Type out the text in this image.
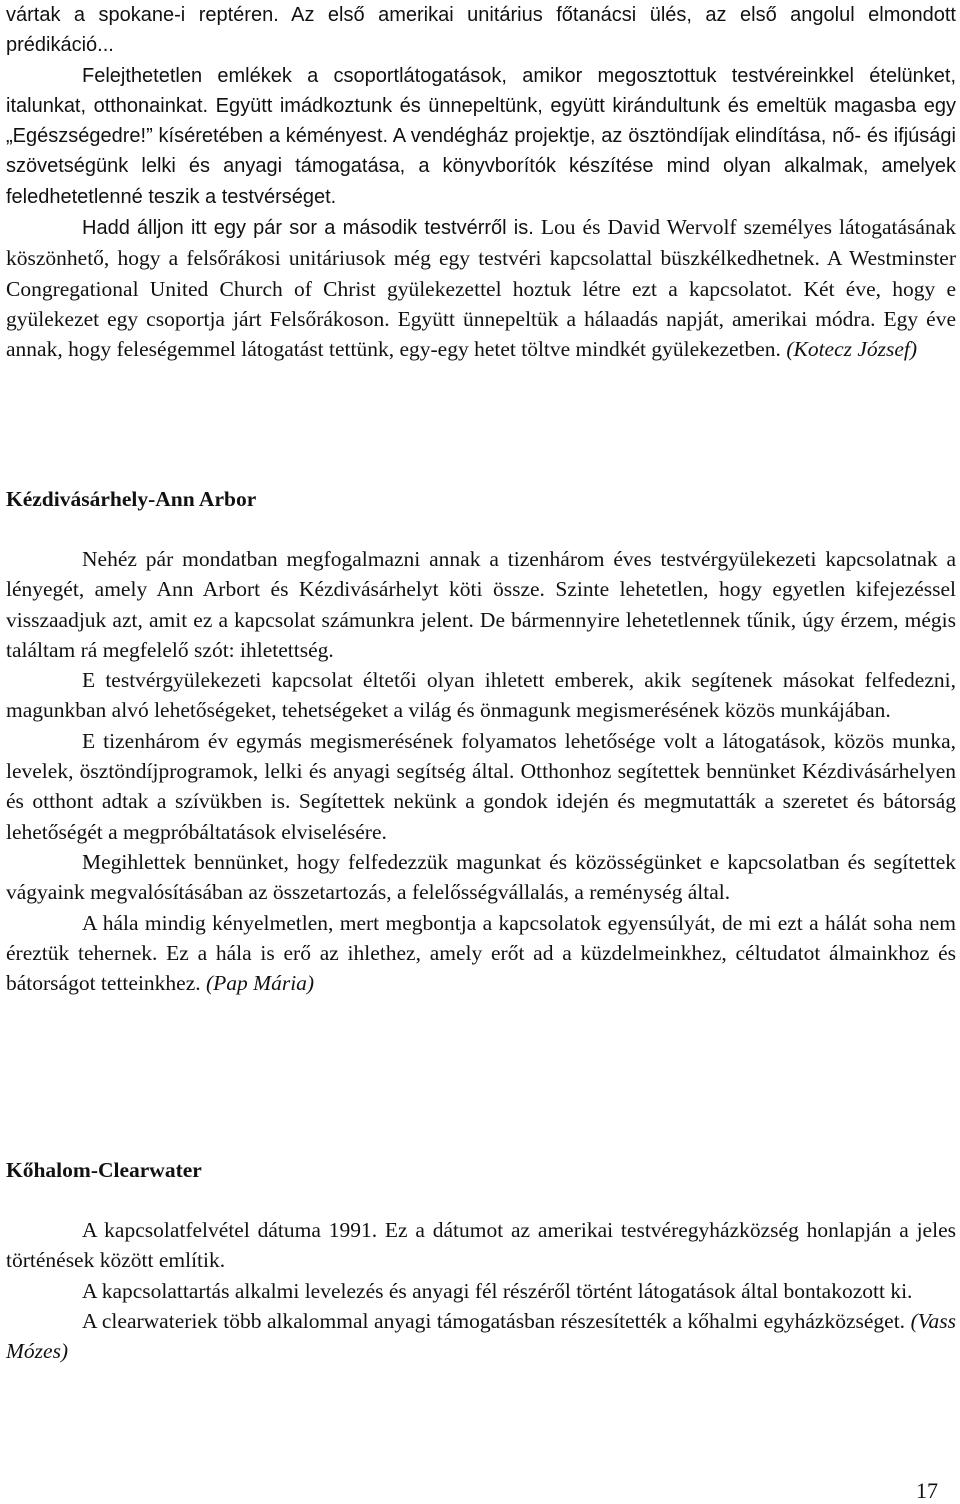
vártak a spokane-i reptéren. Az első amerikai unitárius főtanácsi ülés, az első angolul elmondott prédikáció...

Felejthetetlen emlékek a csoportlátogatások, amikor megosztottuk testvéreinkkel ételünket, italunkat, otthonainkat. Együtt imádkoztunk és ünnepeltünk, együtt kirándultunk és emeltük magasba egy „Egészségedre!” kíséretében a kéményest. A vendégház projektje, az ösztöndíjak elindítása, nő- és ifjúsági szövetségünk lelki és anyagi támogatása, a könyvborítók készítése mind olyan alkalmak, amelyek feledhetetlenné teszik a testvérséget.

Hadd álljon itt egy pár sor a második testvérről is. Lou és David Wervolf személyes látogatásának köszönhető, hogy a felsőrákosi unitáriusok még egy testvéri kapcsolattal büszkélkedhetnek. A Westminster Congregational United Church of Christ gyülekezettel hoztuk létre ezt a kapcsolatot. Két éve, hogy e gyülekezet egy csoportja járt Felsőrákoson. Együtt ünnepeltük a hálaadás napját, amerikai módra. Egy éve annak, hogy feleségemmel látogatást tettünk, egy-egy hetet töltve mindkét gyülekezetben. (Kotecz József)

Kézdivásárhely-Ann Arbor

Nehéz pár mondatban megfogalmazni annak a tizenhárom éves testvérgyülekezeti kapcsolatnak a lényegét, amely Ann Arbort és Kézdivásárhelyt köti össze. Szinte lehetetlen, hogy egyetlen kifejezéssel visszaadjuk azt, amit ez a kapcsolat számunkra jelent. De bármennyire lehetetlennek tűnik, úgy érzem, mégis találtam rá megfelelő szót: ihletettség.

E testvérgyülekezeti kapcsolat éltetői olyan ihletett emberek, akik segítenek másokat felfedezni, magunkban alvó lehetőségeket, tehetségeket a világ és önmagunk megismerésének közös munkájában.

E tizenhárom év egymás megismerésének folyamatos lehetősége volt a látogatások, közös munka, levelek, ösztöndíjprogramok, lelki és anyagi segítség által. Otthonhoz segítettek bennünket Kézdivásárhelyen és otthont adtak a szívükben is. Segítettek nekünk a gondok idején és megmutatták a szeretet és bátorság lehetőségét a megpróbáltatások elviselésére.

Megihlettek bennünket, hogy felfedezzük magunkat és közösségünket e kapcsolatban és segítettek vágyaink megvalósításában az összetartozás, a felelősségvállalás, a reménység által.

A hála mindig kényelmetlen, mert megbontja a kapcsolatok egyensúlyát, de mi ezt a hálát soha nem éreztük tehernek. Ez a hála is erő az ihlethez, amely erőt ad a küzdelmeinkhez, céltudatot álmainkhoz és bátorságot tetteinkhez. (Pap Mária)

Kőhalom-Clearwater

A kapcsolatfelvétel dátuma 1991. Ez a dátumot az amerikai testvéregyházközség honlapján a jeles történések között említik.

A kapcsolattartás alkalmi levelezés és anyagi fél részéről történt látogatások által bontakozott ki.

A clearwateriek több alkalommal anyagi támogatásban részesítették a kőhalmi egyházközséget. (Vass Mózes)

17
